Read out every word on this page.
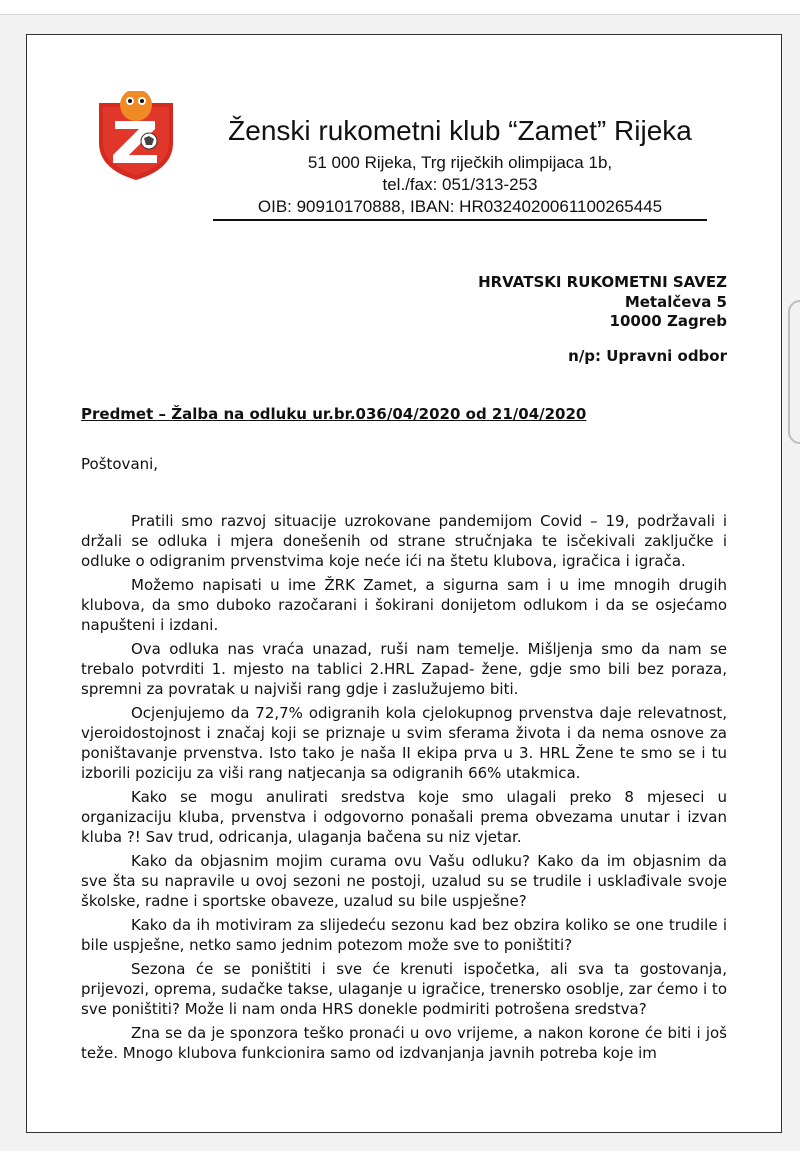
Ženski rukometni klub “Zamet” Rijeka
51 000 Rijeka, Trg riječkih olimpijaca 1b,
tel./fax: 051/313-253
OIB: 90910170888, IBAN: HR0324020061100265445
HRVATSKI RUKOMETNI SAVEZ
Metalčeva 5
10000 Zagreb
n/p: Upravni odbor
Predmet – Žalba na odluku ur.br.036/04/2020 od 21/04/2020
Poštovani,

Pratili smo razvoj situacije uzrokovane pandemijom Covid – 19, podržavali i držali se odluka i mjera donešenih od strane stručnjaka te isčekivali zaključke i odluke o odigranim prvenstvima koje neće ići na štetu klubova, igračica i igrača.

Možemo napisati u ime ŽRK Zamet, a sigurna sam i u ime mnogih drugih klubova, da smo duboko razočarani i šokirani donijetom odlukom i da se osjećamo napušteni i izdani.

Ova odluka nas vraća unazad, ruši nam temelje. Mišljenja smo da nam se trebalo potvrditi 1. mjesto na tablici 2.HRL Zapad- žene, gdje smo bili bez poraza, spremni za povratak u najviši rang gdje i zaslužujemo biti.

Ocjenjujemo da 72,7% odigranih kola cjelokupnog prvenstva daje relevatnost, vjeroidostojnost i značaj koji se priznaje u svim sferama života i da nema osnove za poništavanje prvenstva. Isto tako je naša II ekipa prva u 3. HRL Žene te smo se i tu izborili poziciju za viši rang natjecanja sa odigranih 66% utakmica.

Kako se mogu anulirati sredstva koje smo ulagali preko 8 mjeseci u organizaciju kluba, prvenstva i odgovorno ponašali prema obvezama unutar i izvan kluba ?! Sav trud, odricanja, ulaganja bačena su niz vjetar.

Kako da objasnim mojim curama ovu Vašu odluku? Kako da im objasnim da sve šta su napravile u ovoj sezoni ne postoji, uzalud su se trudile i usklađivale svoje školske, radne i sportske obaveze, uzalud su bile uspješne?

Kako da ih motiviram za slijedeću sezonu kad bez obzira koliko se one trudile i bile uspješne, netko samo jednim potezom može sve to poništiti?

Sezona će se poništiti i sve će krenuti ispočetka, ali sva ta gostovanja, prijevozi, oprema, sudačke takse, ulaganje u igračice, trenersko osoblje, zar ćemo i to sve poništiti? Može li nam onda HRS donekle podmiriti potrošena sredstva?

Zna se da je sponzora teško pronaći u ovo vrijeme, a nakon korone će biti i još teže. Mnogo klubova funkcionira samo od izdvanjanja javnih potreba koje im
